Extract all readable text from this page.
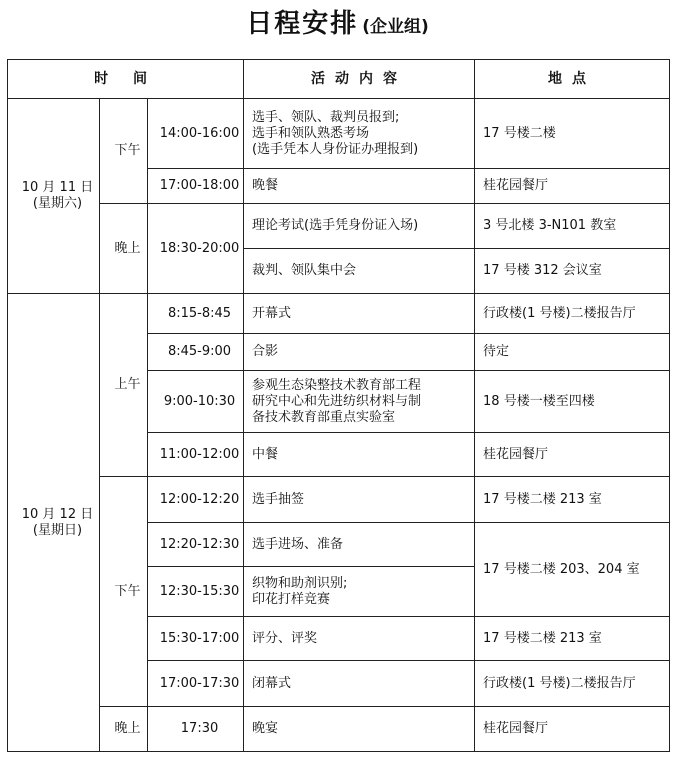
日程安排 (企业组)
时 间			活动内容	地点

10 月 11 日
(星期六)	下午	14:00-16:00	选手、领队、裁判员报到;
选手和领队熟悉考场
(选手凭本人身份证办理报到)	17 号楼二楼
		17:00-18:00	晚餐	桂花园餐厅
	晚上	18:30-20:00	理论考试(选手凭身份证入场)	3 号北楼 3-N101 教室
			裁判、领队集中会	17 号楼 312 会议室

10 月 12 日
(星期日)	上午	8:15-8:45	开幕式	行政楼(1 号楼)二楼报告厅
		8:45-9:00	合影	待定
		9:00-10:30	参观生态染整技术教育部工程
研究中心和先进纺织材料与制
备技术教育部重点实验室	18 号楼一楼至四楼
		11:00-12:00	中餐	桂花园餐厅
	下午	12:00-12:20	选手抽签	17 号楼二楼 213 室
		12:20-12:30	选手进场、准备	17 号楼二楼 203、204 室
		12:30-15:30	织物和助剂识别;
印花打样竞赛	

		15:30-17:00	评分、评奖	17 号楼二楼 213 室
		17:00-17:30	闭幕式	行政楼(1 号楼)二楼报告厅
	晚上	17:30	晚宴	桂花园餐厅
